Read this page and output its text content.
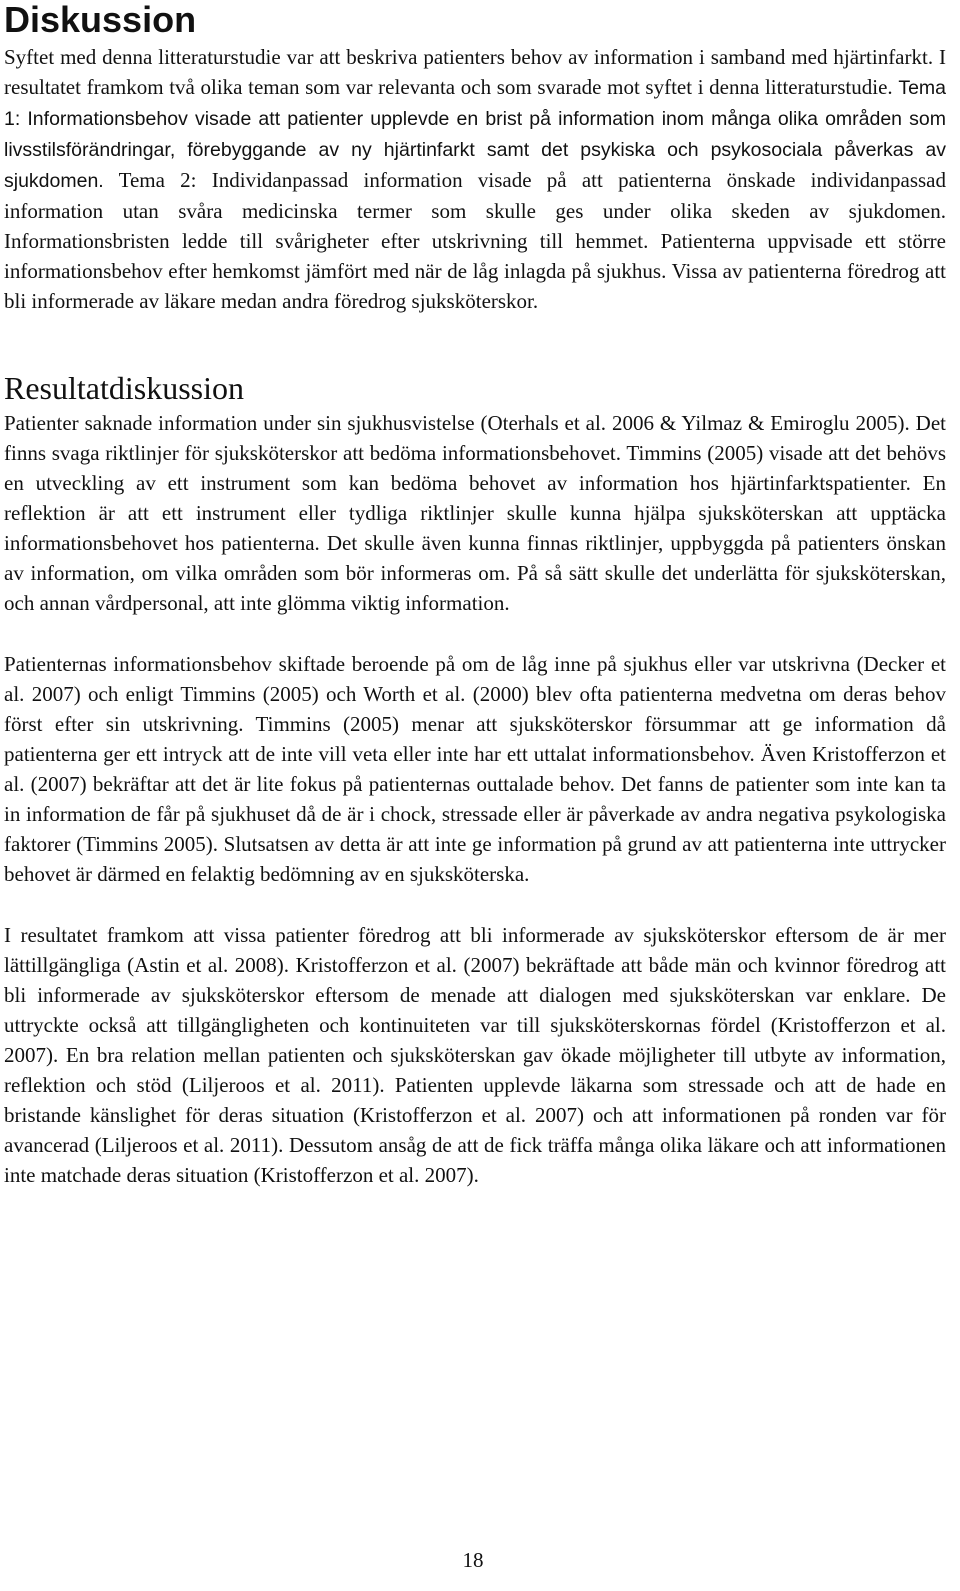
Diskussion

Syftet med denna litteraturstudie var att beskriva patienters behov av information i samband med hjärtinfarkt. I resultatet framkom två olika teman som var relevanta och som svarade mot syftet i denna litteraturstudie. Tema 1: Informationsbehov visade att patienter upplevde en brist på information inom många olika områden som livsstilsförändringar, förebyggande av ny hjärtinfarkt samt det psykiska och psykosociala påverkas av sjukdomen. Tema 2: Individanpassad information visade på att patienterna önskade individanpassad information utan svåra medicinska termer som skulle ges under olika skeden av sjukdomen. Informationsbristen ledde till svårigheter efter utskrivning till hemmet. Patienterna uppvisade ett större informationsbehov efter hemkomst jämfört med när de låg inlagda på sjukhus. Vissa av patienterna föredrog att bli informerade av läkare medan andra föredrog sjuksköterskor.

Resultatdiskussion

Patienter saknade information under sin sjukhusvistelse (Oterhals et al. 2006 & Yilmaz & Emiroglu 2005). Det finns svaga riktlinjer för sjuksköterskor att bedöma informationsbehovet. Timmins (2005) visade att det behövs en utveckling av ett instrument som kan bedöma behovet av information hos hjärtinfarktspatienter. En reflektion är att ett instrument eller tydliga riktlinjer skulle kunna hjälpa sjuksköterskan att upptäcka informationsbehovet hos patienterna. Det skulle även kunna finnas riktlinjer, uppbyggda på patienters önskan av information, om vilka områden som bör informeras om. På så sätt skulle det underlätta för sjuksköterskan, och annan vårdpersonal, att inte glömma viktig information.

Patienternas informationsbehov skiftade beroende på om de låg inne på sjukhus eller var utskrivna (Decker et al. 2007) och enligt Timmins (2005) och Worth et al. (2000) blev ofta patienterna medvetna om deras behov först efter sin utskrivning. Timmins (2005) menar att sjuksköterskor försummar att ge information då patienterna ger ett intryck att de inte vill veta eller inte har ett uttalat informationsbehov. Även Kristofferzon et al. (2007) bekräftar att det är lite fokus på patienternas outtalade behov. Det fanns de patienter som inte kan ta in information de får på sjukhuset då de är i chock, stressade eller är påverkade av andra negativa psykologiska faktorer (Timmins 2005). Slutsatsen av detta är att inte ge information på grund av att patienterna inte uttrycker behovet är därmed en felaktig bedömning av en sjuksköterska.

I resultatet framkom att vissa patienter föredrog att bli informerade av sjuksköterskor eftersom de är mer lättillgängliga (Astin et al. 2008). Kristofferzon et al. (2007) bekräftade att både män och kvinnor föredrog att bli informerade av sjuksköterskor eftersom de menade att dialogen med sjuksköterskan var enklare. De uttryckte också att tillgängligheten och kontinuiteten var till sjuksköterskornas fördel (Kristofferzon et al. 2007). En bra relation mellan patienten och sjuksköterskan gav ökade möjligheter till utbyte av information, reflektion och stöd (Liljeroos et al. 2011). Patienten upplevde läkarna som stressade och att de hade en bristande känslighet för deras situation (Kristofferzon et al. 2007) och att informationen på ronden var för avancerad (Liljeroos et al. 2011). Dessutom ansåg de att de fick träffa många olika läkare och att informationen inte matchade deras situation (Kristofferzon et al. 2007).

18
